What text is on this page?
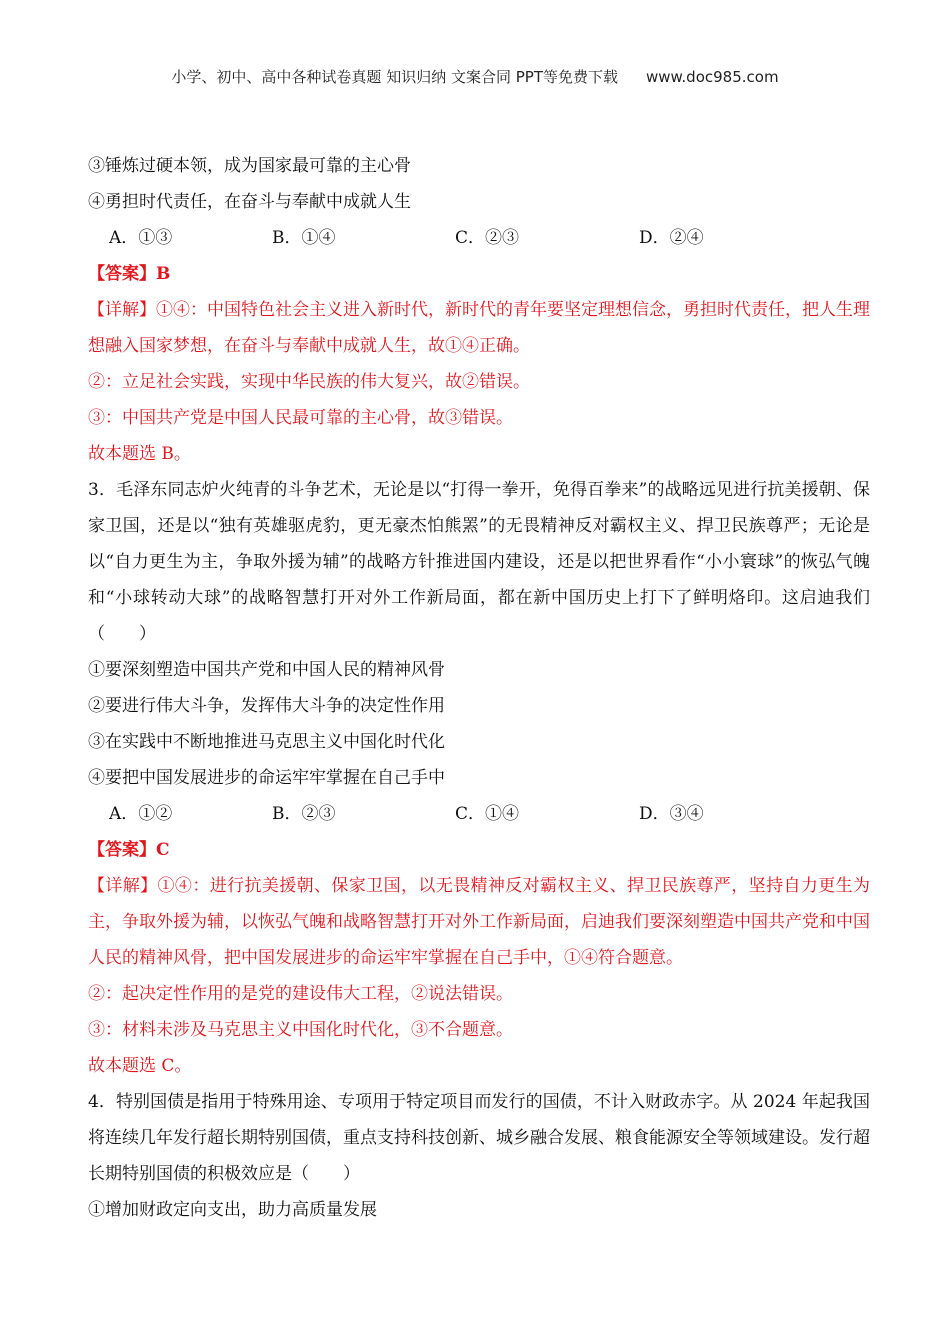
小学、初中、高中各种试卷真题 知识归纳 文案合同 PPT等免费下载 www.doc985.com
③锤炼过硬本领，成为国家最可靠的主心骨
④勇担时代责任，在奋斗与奉献中成就人生
A．①③	B．①④	C．②③	D．②④
【答案】B

【详解】①④：中国特色社会主义进入新时代，新时代的青年要坚定理想信念，勇担时代责任，把人生理想融入国家梦想，在奋斗与奉献中成就人生，故①④正确。

②：立足社会实践，实现中华民族的伟大复兴，故②错误。
③：中国共产党是中国人民最可靠的主心骨，故③错误。
故本题选 B。

3．毛泽东同志炉火纯青的斗争艺术，无论是以“打得一拳开，免得百拳来”的战略远见进行抗美援朝、保家卫国，还是以“独有英雄驱虎豹，更无豪杰怕熊罴”的无畏精神反对霸权主义、捍卫民族尊严；无论是以“自力更生为主，争取外援为辅”的战略方针推进国内建设，还是以把世界看作“小小寰球”的恢弘气魄和“小球转动大球”的战略智慧打开对外工作新局面，都在新中国历史上打下了鲜明烙印。这启迪我们（　　）

①要深刻塑造中国共产党和中国人民的精神风骨
②要进行伟大斗争，发挥伟大斗争的决定性作用
③在实践中不断地推进马克思主义中国化时代化
④要把中国发展进步的命运牢牢掌握在自己手中
A．①②	B．②③	C．①④	D．③④
【答案】C

【详解】①④：进行抗美援朝、保家卫国，以无畏精神反对霸权主义、捍卫民族尊严，坚持自力更生为主，争取外援为辅，以恢弘气魄和战略智慧打开对外工作新局面，启迪我们要深刻塑造中国共产党和中国人民的精神风骨，把中国发展进步的命运牢牢掌握在自己手中，①④符合题意。

②：起决定性作用的是党的建设伟大工程，②说法错误。
③：材料未涉及马克思主义中国化时代化，③不合题意。
故本题选 C。

4．特别国债是指用于特殊用途、专项用于特定项目而发行的国债，不计入财政赤字。从 2024 年起我国将连续几年发行超长期特别国债，重点支持科技创新、城乡融合发展、粮食能源安全等领域建设。发行超长期特别国债的积极效应是（　　）

①增加财政定向支出，助力高质量发展
